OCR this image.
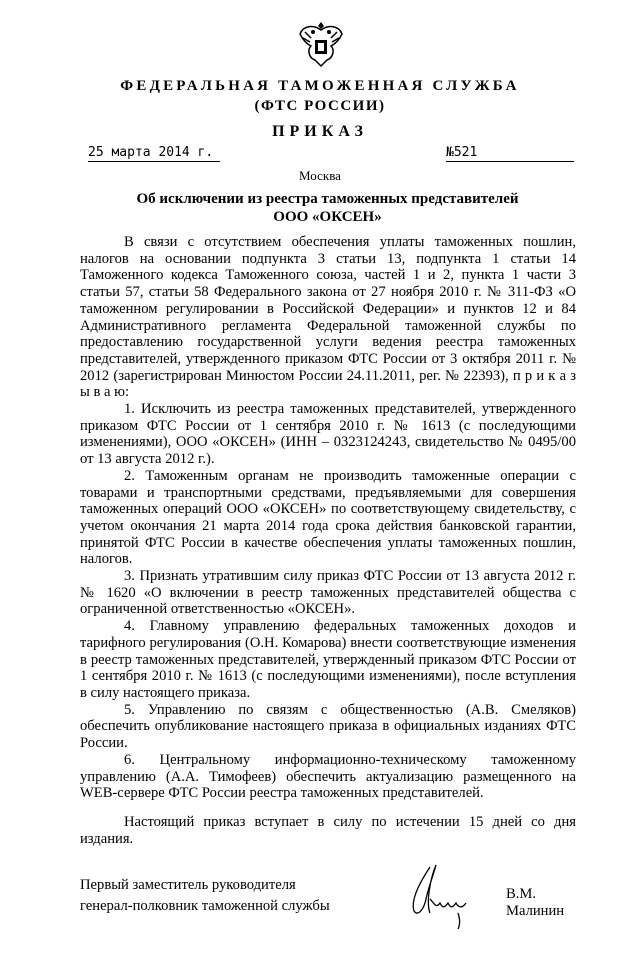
ФЕДЕРАЛЬНАЯ ТАМОЖЕННАЯ СЛУЖБА
(ФТС РОССИИ)
ПРИКАЗ
25 марта 2014 г.	№521
Москва
Об исключении из реестра таможенных представителей
ООО «ОКСЕН»

В связи с отсутствием обеспечения уплаты таможенных пошлин, налогов на основании подпункта 3 статьи 13, подпункта 1 статьи 14 Таможенного кодекса Таможенного союза, частей 1 и 2, пункта 1 части 3 статьи 57, статьи 58 Федерального закона от 27 ноября 2010 г. № 311-ФЗ «О таможенном регулировании в Российской Федерации» и пунктов 12 и 84 Административного регламента Федеральной таможенной службы по предоставлению государственной услуги ведения реестра таможенных представителей, утвержденного приказом ФТС России от 3 октября 2011 г. № 2012 (зарегистрирован Минюстом России 24.11.2011, рег. № 22393), п р и к а з ы в а ю:

1. Исключить из реестра таможенных представителей, утвержденного приказом ФТС России от 1 сентября 2010 г. № 1613 (с последующими изменениями), ООО «ОКСЕН» (ИНН – 0323124243, свидетельство № 0495/00 от 13 августа 2012 г.).

2. Таможенным органам не производить таможенные операции с товарами и транспортными средствами, предъявляемыми для совершения таможенных операций ООО «ОКСЕН» по соответствующему свидетельству, с учетом окончания 21 марта 2014 года срока действия банковской гарантии, принятой ФТС России в качестве обеспечения уплаты таможенных пошлин, налогов.

3. Признать утратившим силу приказ ФТС России от 13 августа 2012 г. № 1620 «О включении в реестр таможенных представителей общества с ограниченной ответственностью «ОКСЕН».

4. Главному управлению федеральных таможенных доходов и тарифного регулирования (О.Н. Комарова) внести соответствующие изменения в реестр таможенных представителей, утвержденный приказом ФТС России от 1 сентября 2010 г. № 1613 (с последующими изменениями), после вступления в силу настоящего приказа.

5. Управлению по связям с общественностью (А.В. Смеляков) обеспечить опубликование настоящего приказа в официальных изданиях ФТС России.

6. Центральному информационно-техническому таможенному управлению (А.А. Тимофеев) обеспечить актуализацию размещенного на WEB-сервере ФТС России реестра таможенных представителей.

Настоящий приказ вступает в силу по истечении 15 дней со дня издания.

Первый заместитель руководителя
генерал-полковник таможенной службы
В.М. Малинин
